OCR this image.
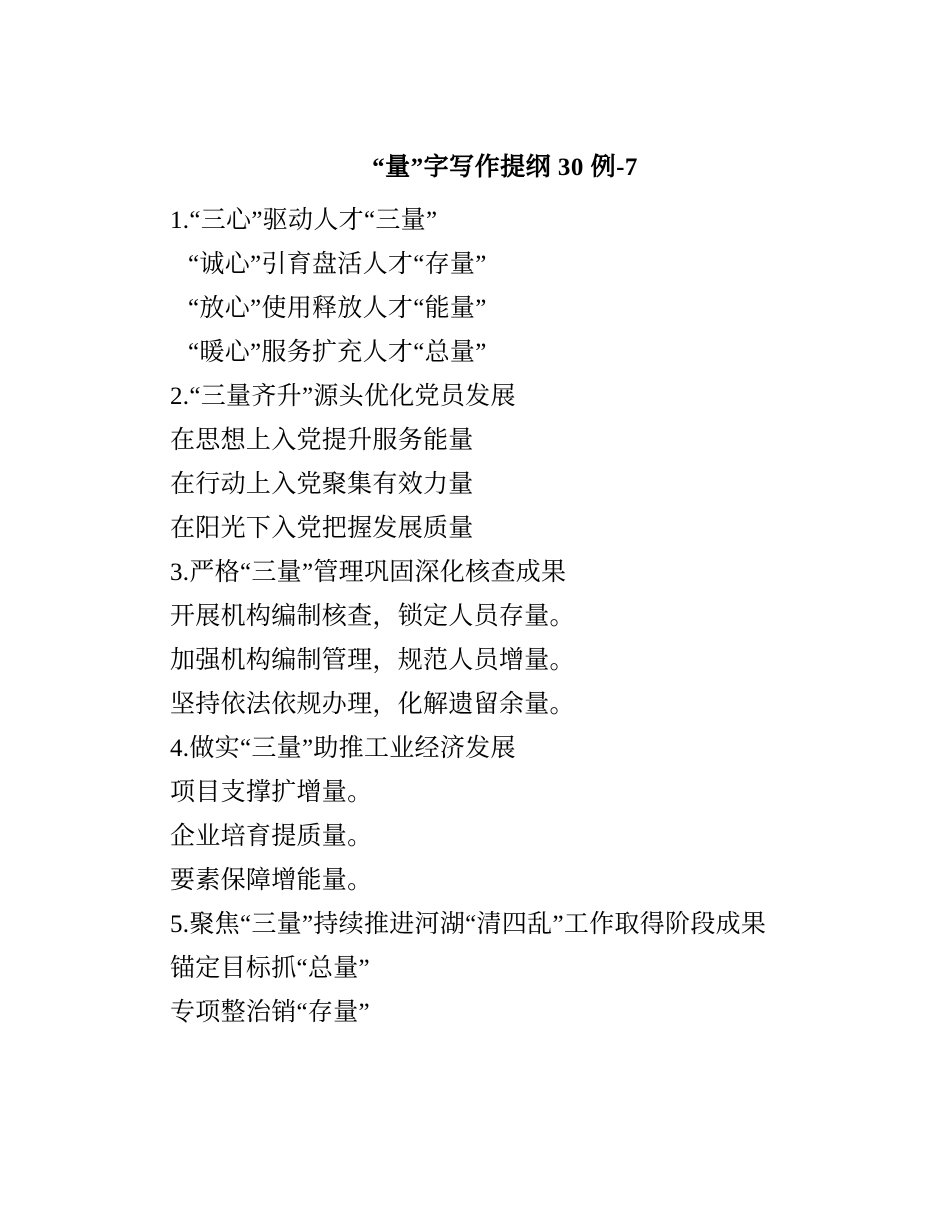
“量”字写作提纲 30 例-7

1.“三心”驱动人才“三量”

“诚心”引育盘活人才“存量”

“放心”使用释放人才“能量”

“暖心”服务扩充人才“总量”

2.“三量齐升”源头优化党员发展

在思想上入党提升服务能量

在行动上入党聚集有效力量

在阳光下入党把握发展质量

3.严格“三量”管理巩固深化核查成果

开展机构编制核查，锁定人员存量。

加强机构编制管理，规范人员增量。

坚持依法依规办理，化解遗留余量。

4.做实“三量”助推工业经济发展

项目支撑扩增量。

企业培育提质量。

要素保障增能量。

5.聚焦“三量”持续推进河湖“清四乱”工作取得阶段成果

锚定目标抓“总量”

专项整治销“存量”
